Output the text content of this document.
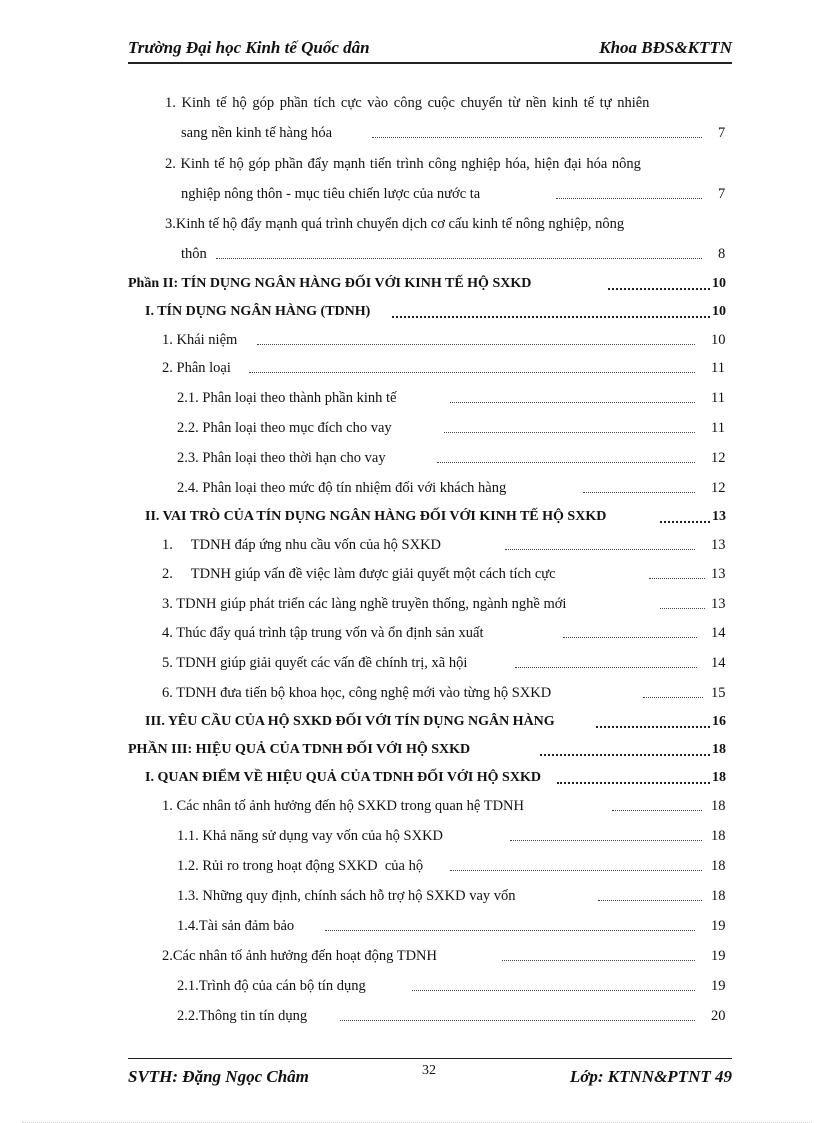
Trường Đại học Kinh tế Quốc dân	Khoa BĐS&KTTN
1. Kinh tế hộ góp phần tích cực vào công cuộc chuyển từ nền kinh tế tự nhiên
sang nền kinh tế hàng hóa	7
2. Kinh tế hộ góp phần đẩy mạnh tiến trình công nghiệp hóa, hiện đại hóa nông
nghiệp nông thôn - mục tiêu chiến lược của nước ta	7
3.Kinh tế hộ đẩy mạnh quá trình chuyển dịch cơ cấu kinh tế nông nghiệp, nông
thôn	8
Phần II: TÍN DỤNG NGÂN HÀNG ĐỐI VỚI KINH TẾ HỘ SXKD	10
I. TÍN DỤNG NGÂN HÀNG (TDNH)	10
1. Khái niệm	10
2. Phân loại	11
2.1. Phân loại theo thành phần kinh tế	11
2.2. Phân loại theo mục đích cho vay	11
2.3. Phân loại theo thời hạn cho vay	12
2.4. Phân loại theo mức độ tín nhiệm đối với khách hàng	12
II. VAI TRÒ CỦA TÍN DỤNG NGÂN HÀNG ĐỐI VỚI KINH TẾ HỘ SXKD	13
1.     TDNH đáp ứng nhu cầu vốn của hộ SXKD	13
2.     TDNH giúp vấn đề việc làm được giải quyết một cách tích cực	13
3. TDNH giúp phát triển các làng nghề truyền thống, ngành nghề mới	13
4. Thúc đẩy quá trình tập trung vốn và ổn định sản xuất	14
5. TDNH giúp giải quyết các vấn đề chính trị, xã hội	14
6. TDNH đưa tiến bộ khoa học, công nghệ mới vào từng hộ SXKD	15
III. YÊU CẦU CỦA HỘ SXKD ĐỐI VỚI TÍN DỤNG NGÂN HÀNG	16
PHẦN III: HIỆU QUẢ CỦA TDNH ĐỐI VỚI HỘ SXKD	18
I. QUAN ĐIỂM VỀ HIỆU QUẢ CỦA TDNH ĐỐI VỚI HỘ SXKD	18
1. Các nhân tố ảnh hưởng đến hộ SXKD trong quan hệ TDNH	18
1.1. Khả năng sử dụng vay vốn của hộ SXKD	18
1.2. Rủi ro trong hoạt động SXKD  của hộ	18
1.3. Những quy định, chính sách hỗ trợ hộ SXKD vay vốn	18
1.4.Tài sản đảm bảo	19
2.Các nhân tố ảnh hưởng đến hoạt động TDNH	19
2.1.Trình độ của cán bộ tín dụng	19
2.2.Thông tin tín dụng	20
SVTH: Đặng Ngọc Châm	32	Lớp: KTNN&PTNT 49
